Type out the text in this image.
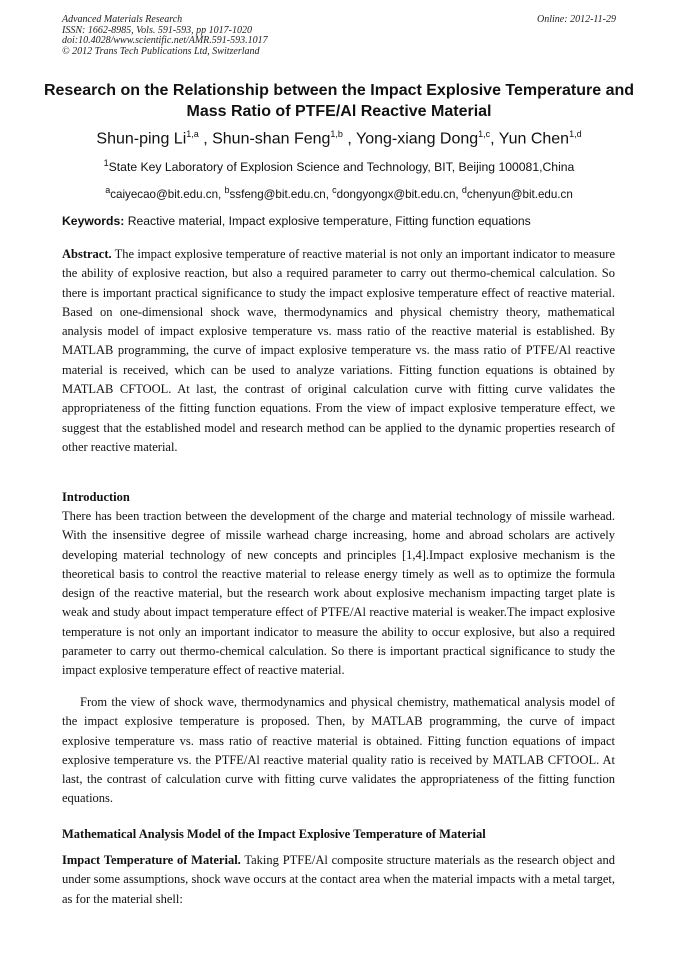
Advanced Materials Research
ISSN: 1662-8985, Vols. 591-593, pp 1017-1020
doi:10.4028/www.scientific.net/AMR.591-593.1017
© 2012 Trans Tech Publications Ltd, Switzerland
Online: 2012-11-29
Research on the Relationship between the Impact Explosive Temperature and Mass Ratio of PTFE/Al Reactive Material
Shun-ping Li$^{1,a}$ , Shun-shan Feng$^{1,b}$ , Yong-xiang Dong$^{1,c}$, Yun Chen$^{1,d}$
$^1$State Key Laboratory of Explosion Science and Technology, BIT, Beijing 100081,China
$^a$caiyecao@bit.edu.cn, $^b$ssfeng@bit.edu.cn, $^c$dongyongx@bit.edu.cn, $^d$chenyun@bit.edu.cn
Keywords: Reactive material, Impact explosive temperature, Fitting function equations

Abstract. The impact explosive temperature of reactive material is not only an important indicator to measure the ability of explosive reaction, but also a required parameter to carry out thermo-chemical calculation. So there is important practical significance to study the impact explosive temperature effect of reactive material. Based on one-dimensional shock wave, thermodynamics and physical chemistry theory, mathematical analysis model of impact explosive temperature vs. mass ratio of the reactive material is established. By MATLAB programming, the curve of impact explosive temperature vs. the mass ratio of PTFE/Al reactive material is received, which can be used to analyze variations. Fitting function equations is obtained by MATLAB CFTOOL. At last, the contrast of original calculation curve with fitting curve validates the appropriateness of the fitting function equations. From the view of impact explosive temperature effect, we suggest that the established model and research method can be applied to the dynamic properties research of other reactive material.

Introduction

There has been traction between the development of the charge and material technology of missile warhead. With the insensitive degree of missile warhead charge increasing, home and abroad scholars are actively developing material technology of new concepts and principles [1,4].Impact explosive mechanism is the theoretical basis to control the reactive material to release energy timely as well as to optimize the formula design of the reactive material, but the research work about explosive mechanism impacting target plate is weak and study about impact temperature effect of PTFE/Al reactive material is weaker.The impact explosive temperature is not only an important indicator to measure the ability to occur explosive, but also a required parameter to carry out thermo-chemical calculation. So there is important practical significance to study the impact explosive temperature effect of reactive material.

From the view of shock wave, thermodynamics and physical chemistry, mathematical analysis model of the impact explosive temperature is proposed. Then, by MATLAB programming, the curve of impact explosive temperature vs. mass ratio of reactive material is obtained. Fitting function equations of impact explosive temperature vs. the PTFE/Al reactive material quality ratio is received by MATLAB CFTOOL. At last, the contrast of calculation curve with fitting curve validates the appropriateness of the fitting function equations.

Mathematical Analysis Model of the Impact Explosive Temperature of Material

Impact Temperature of Material. Taking PTFE/Al composite structure materials as the research object and under some assumptions, shock wave occurs at the contact area when the material impacts with a metal target, as for the material shell:
